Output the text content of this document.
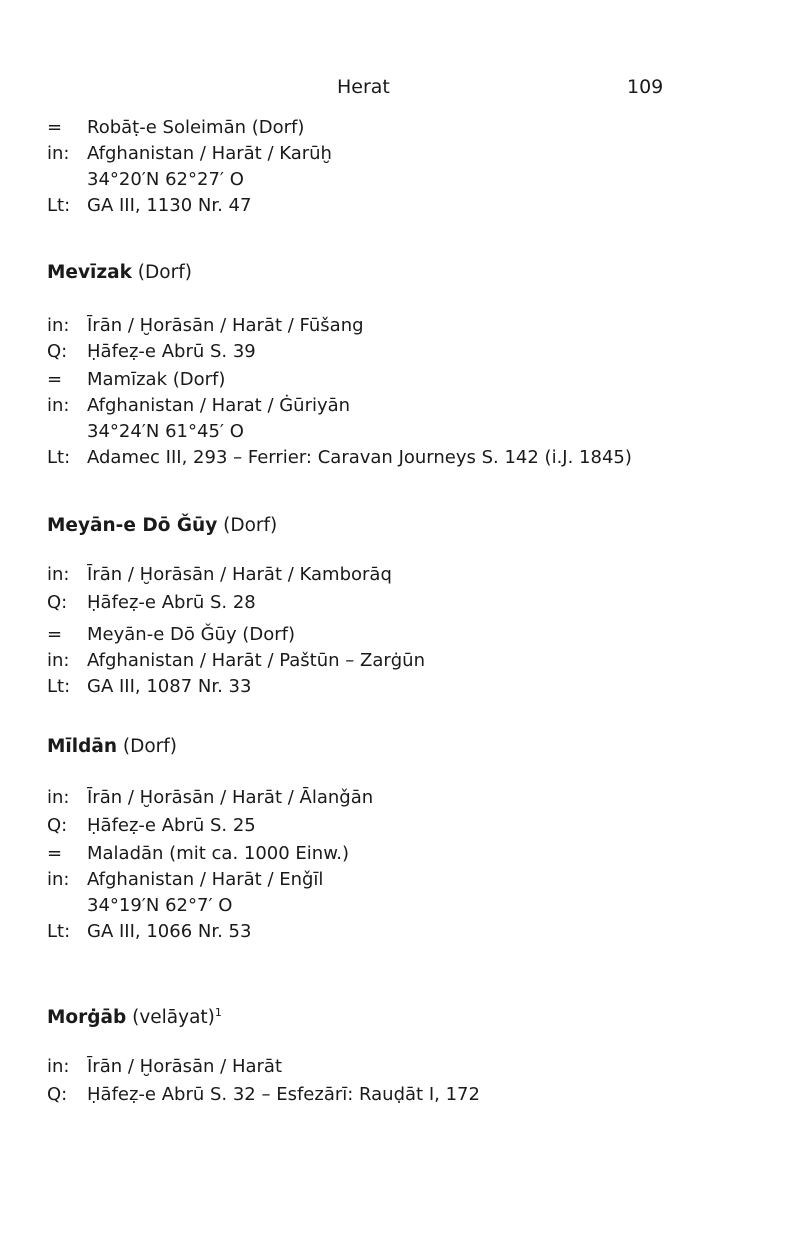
Herat	109
= Robāṭ-e Soleimān (Dorf)
in: Afghanistan / Harāt / Karūḫ
34°20′N 62°27′ O
Lt: GA III, 1130 Nr. 47
Mevīzak (Dorf)
in: Īrān / Ḫorāsān / Harāt / Fūšang
Q: Ḥāfeẓ-e Abrū S. 39
= Mamīzak (Dorf)
in: Afghanistan / Harat / Ġūriyān
34°24′N 61°45′ O
Lt: Adamec III, 293 – Ferrier: Caravan Journeys S. 142 (i.J. 1845)
Meyān-e Dō Ǧūy (Dorf)
in: Īrān / Ḫorāsān / Harāt / Kamborāq
Q: Ḥāfeẓ-e Abrū S. 28
= Meyān-e Dō Ǧūy (Dorf)
in: Afghanistan / Harāt / Paštūn – Zarġūn
Lt: GA III, 1087 Nr. 33
Mīldān (Dorf)
in: Īrān / Ḫorāsān / Harāt / Ālanǧān
Q: Ḥāfeẓ-e Abrū S. 25
= Maladān (mit ca. 1000 Einw.)
in: Afghanistan / Harāt / Enǧīl
34°19′N 62°7′ O
Lt: GA III, 1066 Nr. 53
Morġāb (velāyat)$^1$
in: Īrān / Ḫorāsān / Harāt
Q: Ḥāfeẓ-e Abrū S. 32 – Esfezārī: Rauḍāt I, 172
